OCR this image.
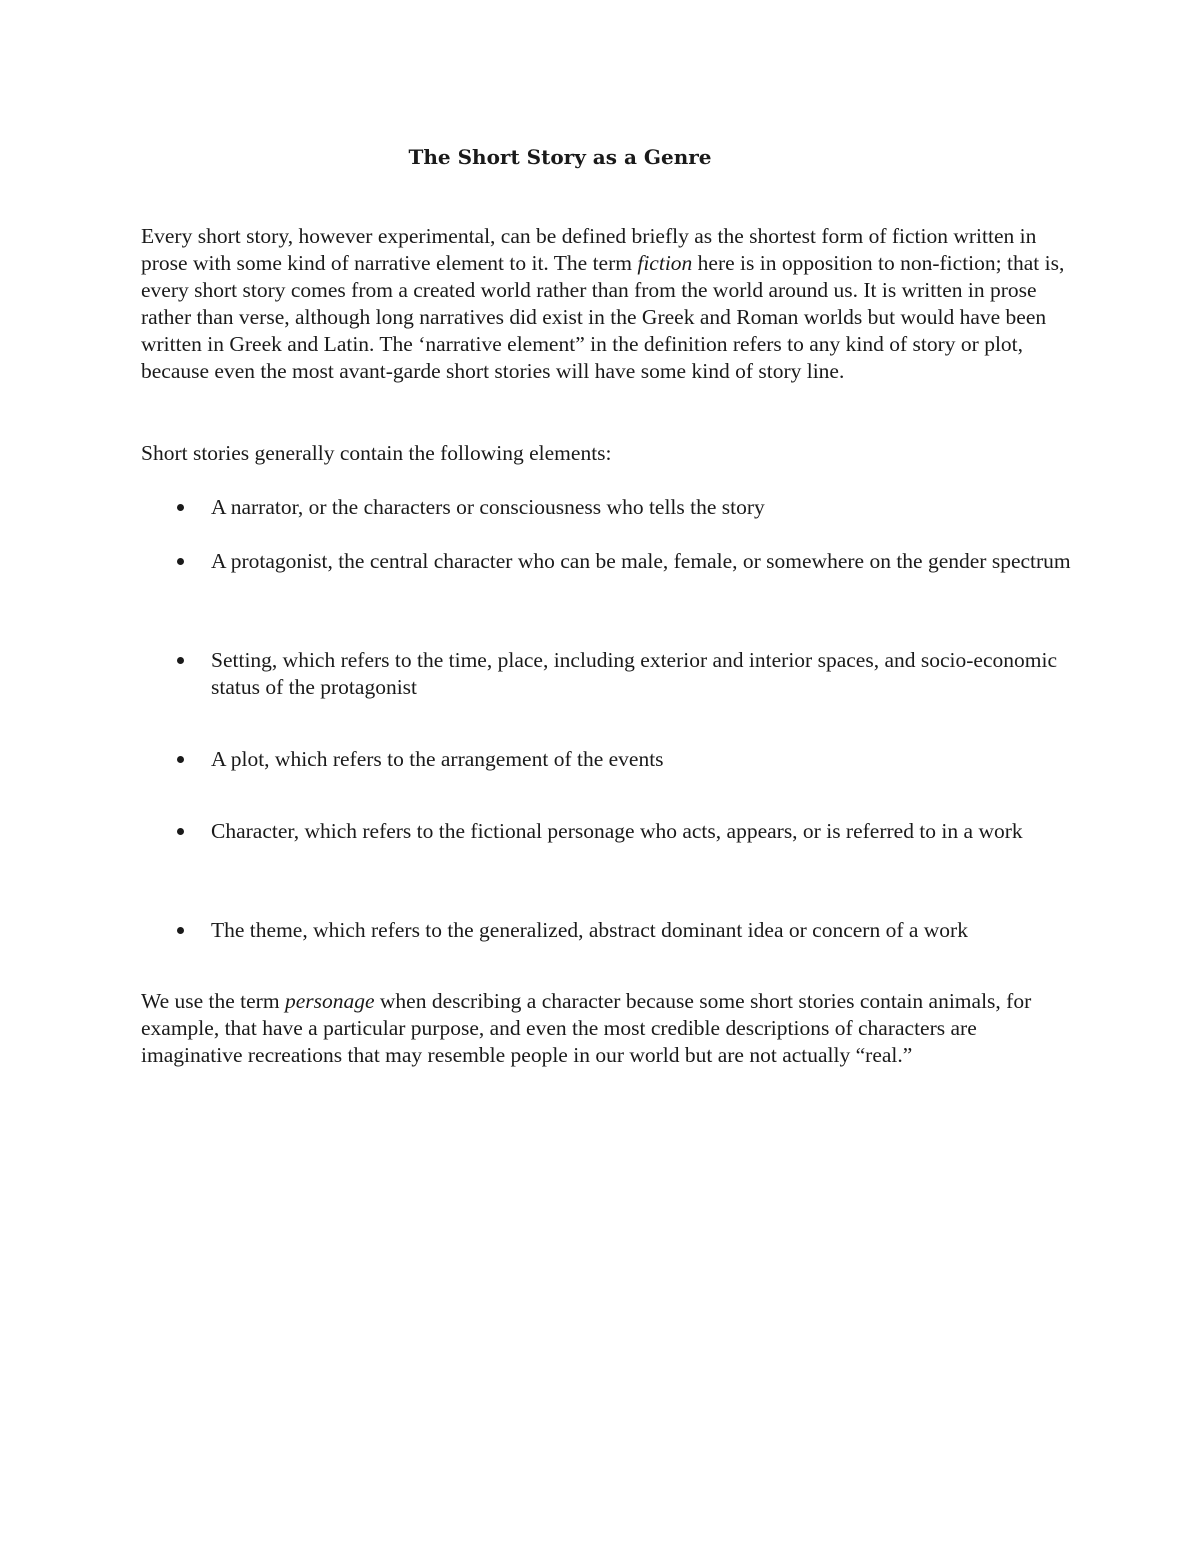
The Short Story as a Genre

Every short story, however experimental, can be defined briefly as the shortest form of fiction written in prose with some kind of narrative element to it. The term fiction here is in opposition to non-fiction; that is, every short story comes from a created world rather than from the world around us. It is written in prose rather than verse, although long narratives did exist in the Greek and Roman worlds but would have been written in Greek and Latin. The ‘narrative element” in the definition refers to any kind of story or plot, because even the most avant-garde short stories will have some kind of story line.

Short stories generally contain the following elements:

A narrator, or the characters or consciousness who tells the story
A protagonist, the central character who can be male, female, or somewhere on the gender spectrum
Setting, which refers to the time, place, including exterior and interior spaces, and socio-economic status of the protagonist
A plot, which refers to the arrangement of the events
Character, which refers to the fictional personage who acts, appears, or is referred to in a work
The theme, which refers to the generalized, abstract dominant idea or concern of a work

We use the term personage when describing a character because some short stories contain animals, for example, that have a particular purpose, and even the most credible descriptions of characters are imaginative recreations that may resemble people in our world but are not actually “real.”
